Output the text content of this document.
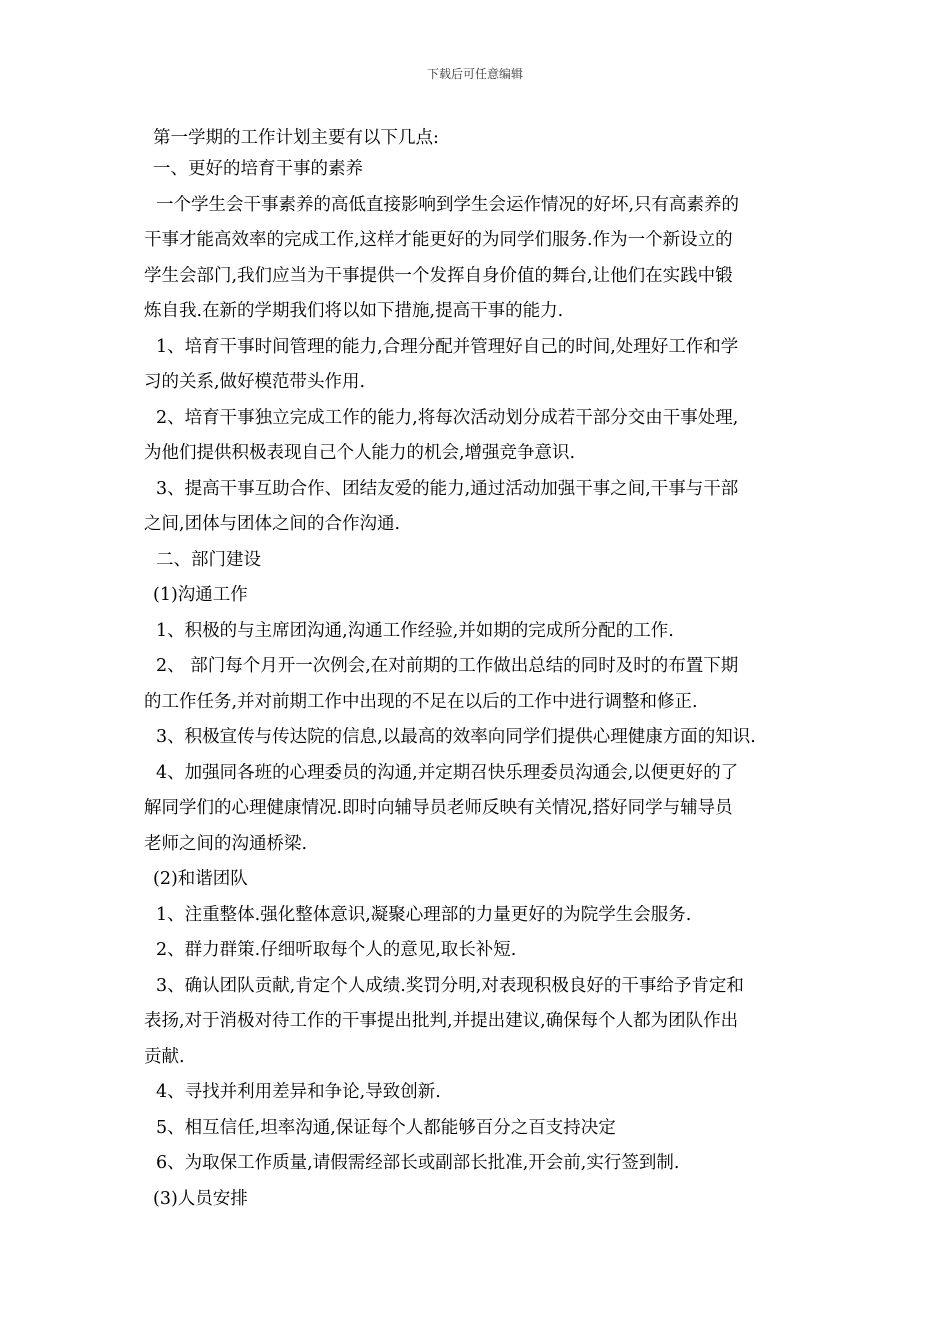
下载后可任意编辑
第一学期的工作计划主要有以下几点:
一、更好的培育干事的素养
一个学生会干事素养的高低直接影响到学生会运作情况的好坏,只有高素养的
干事才能高效率的完成工作,这样才能更好的为同学们服务.作为一个新设立的
学生会部门,我们应当为干事提供一个发挥自身价值的舞台,让他们在实践中锻
炼自我.在新的学期我们将以如下措施,提高干事的能力.
1、培育干事时间管理的能力,合理分配并管理好自己的时间,处理好工作和学
习的关系,做好模范带头作用.
2、培育干事独立完成工作的能力,将每次活动划分成若干部分交由干事处理,
为他们提供积极表现自己个人能力的机会,增强竞争意识.
3、提高干事互助合作、团结友爱的能力,通过活动加强干事之间,干事与干部
之间,团体与团体之间的合作沟通.
二、部门建设
(1)沟通工作
1、积极的与主席团沟通,沟通工作经验,并如期的完成所分配的工作.
2、 部门每个月开一次例会,在对前期的工作做出总结的同时及时的布置下期
的工作任务,并对前期工作中出现的不足在以后的工作中进行调整和修正.
3、积极宣传与传达院的信息,以最高的效率向同学们提供心理健康方面的知识.
4、加强同各班的心理委员的沟通,并定期召快乐理委员沟通会,以便更好的了
解同学们的心理健康情况.即时向辅导员老师反映有关情况,搭好同学与辅导员
老师之间的沟通桥梁.
(2)和谐团队
1、注重整体.强化整体意识,凝聚心理部的力量更好的为院学生会服务.
2、群力群策.仔细听取每个人的意见,取长补短.
3、确认团队贡献,肯定个人成绩.奖罚分明,对表现积极良好的干事给予肯定和
表扬,对于消极对待工作的干事提出批判,并提出建议,确保每个人都为团队作出
贡献.
4、寻找并利用差异和争论,导致创新.
5、相互信任,坦率沟通,保证每个人都能够百分之百支持决定
6、为取保工作质量,请假需经部长或副部长批准,开会前,实行签到制.
(3)人员安排
